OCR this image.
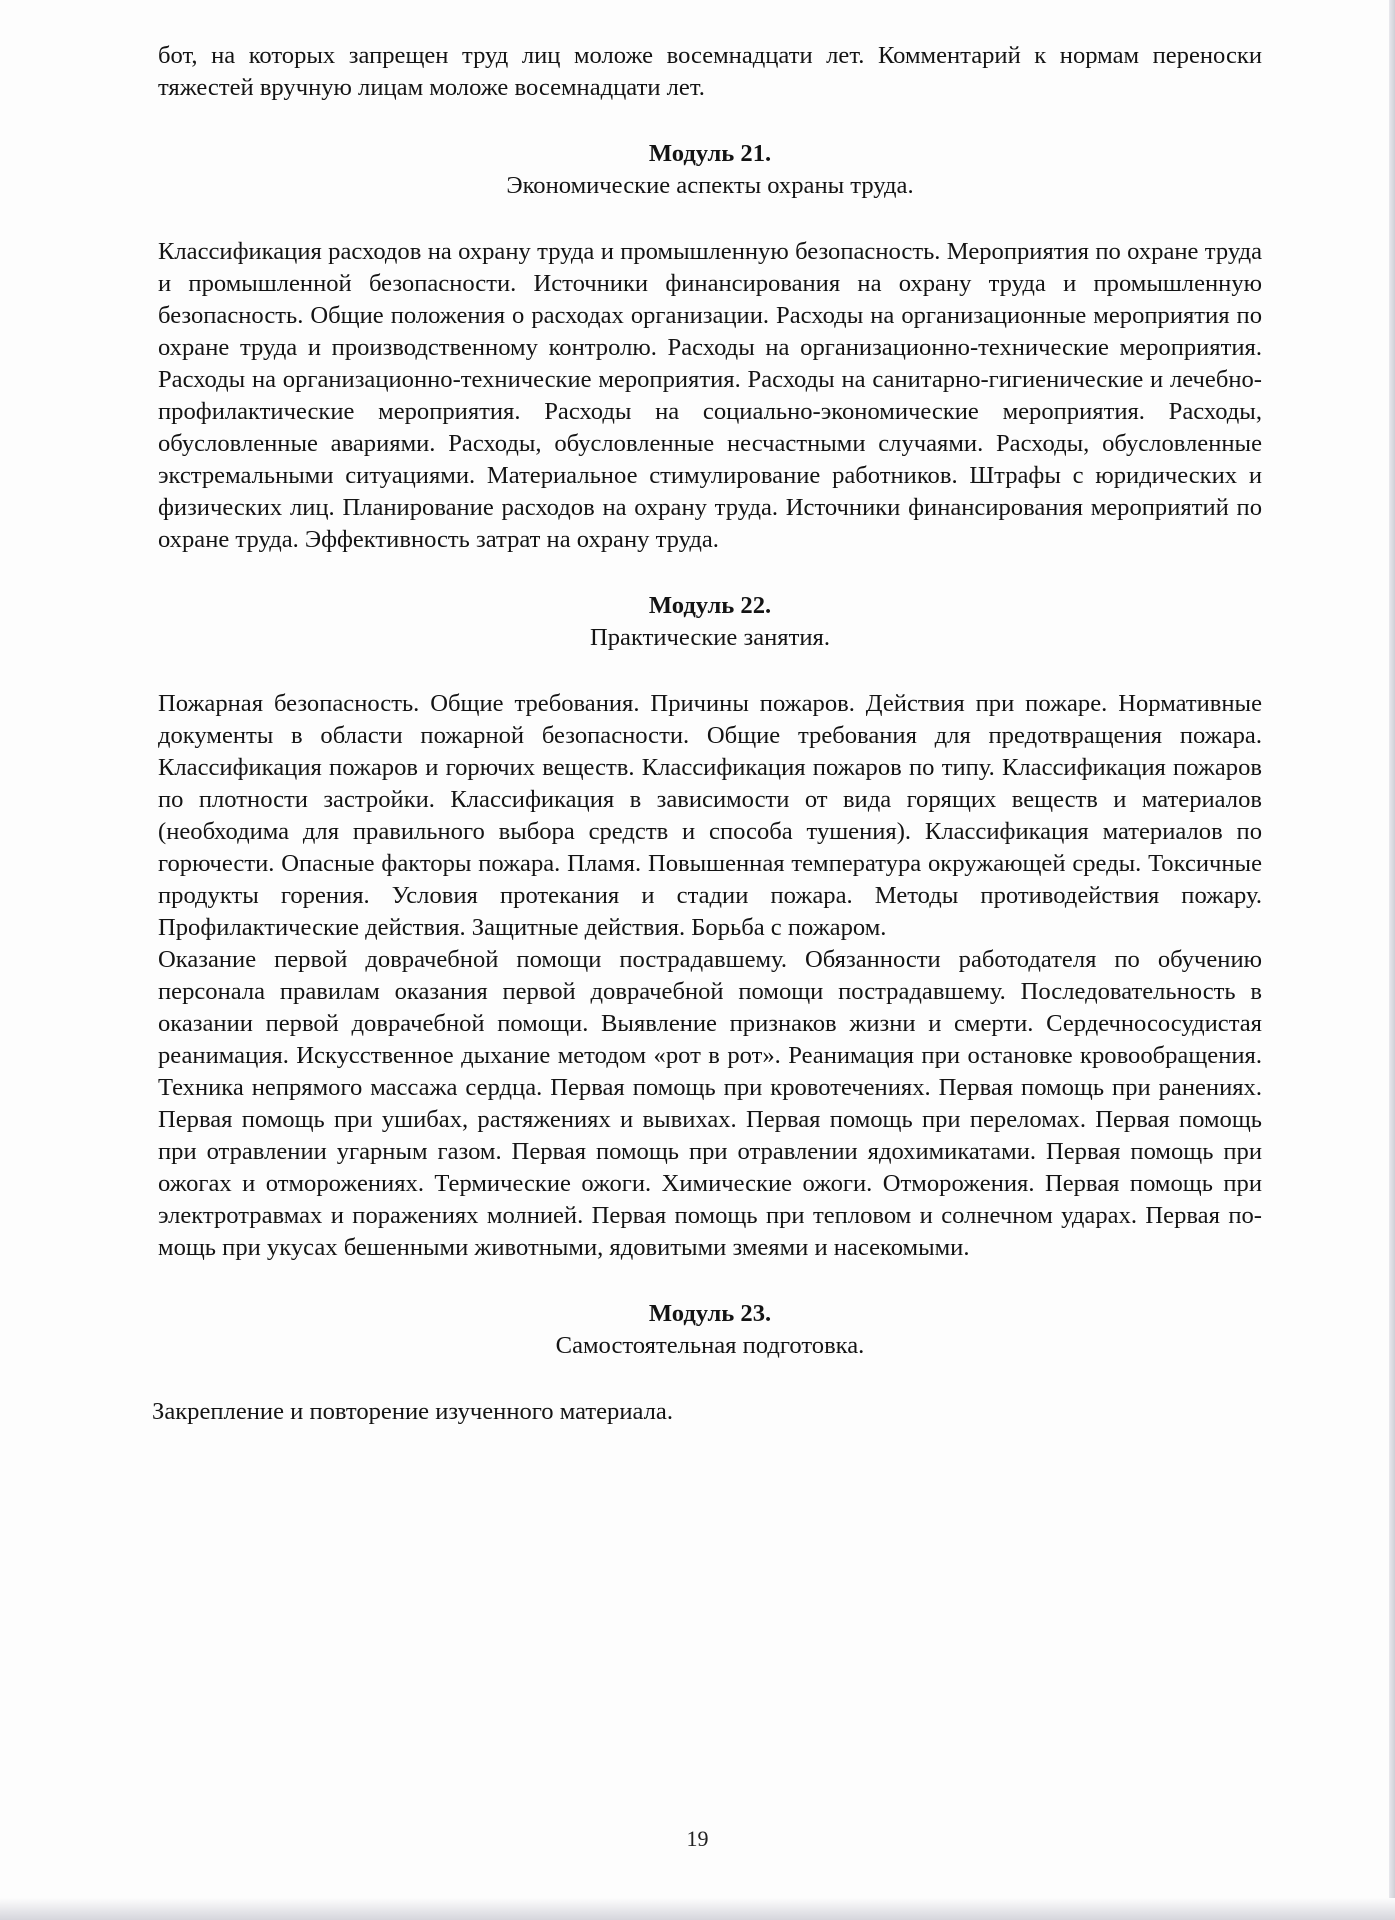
бот, на которых запрещен труд лиц моложе восемнадцати лет. Комментарий к нормам переноски тяжестей вручную лицам моложе восемнадцати лет.

Модуль 21.

Экономические аспекты охраны труда.

Классификация расходов на охрану труда и промышленную безопасность. Мероприятия по охране труда и промышленной безопасности. Источники финансирования на охрану труда и промышленную безопасность. Общие положения о расходах организации. Расходы на организационные мероприятия по охране труда и производственному контролю. Расходы на организационно-технические мероприятия. Расходы на организационно-технические мероприятия. Расходы на санитарно-гигиенические и лечебно-профилактические мероприятия. Расходы на социально-экономические мероприятия. Расходы, обусловленные авариями. Расходы, обусловленные несчастными случаями. Расходы, обусловленные экстремальными ситуациями. Материальное стимулирование работников. Штрафы с юридических и физических лиц. Планирование расходов на охрану труда. Источники финансирования мероприятий по охране труда. Эффективность затрат на охрану труда.

Модуль 22.

Практические занятия.

Пожарная безопасность. Общие требования. Причины пожаров. Действия при пожаре. Нормативные документы в области пожарной безопасности. Общие требования для предотвращения пожара. Классификация пожаров и горючих веществ. Классификация пожаров по типу. Классификация пожаров по плотности застройки. Классификация в зависимости от вида горящих веществ и материалов (необходима для правильного выбора средств и способа тушения). Классификация материалов по горючести. Опасные факторы пожара. Пламя. Повышенная температура окружающей среды. Токсичные продукты горения. Условия протекания и стадии пожара. Методы противодействия пожару. Профилактические действия. Защитные действия. Борьба с пожаром.

Оказание первой доврачебной помощи пострадавшему. Обязанности работодателя по обучению персонала правилам оказания первой доврачебной помощи пострадавшему. Последовательность в оказании первой доврачебной помощи. Выявление признаков жизни и смерти. Сердечнососудистая реанимация. Искусственное дыхание методом «рот в рот». Реанимация при остановке кровообращения. Техника непрямого массажа сердца. Первая помощь при кровотечениях. Первая помощь при ранениях. Первая помощь при ушибах, растяжениях и вывихах. Первая помощь при переломах. Первая помощь при отравлении угарным газом. Первая помощь при отравлении ядохимикатами. Первая помощь при ожогах и отморожениях. Термические ожоги. Химические ожоги. Отморожения. Первая помощь при электротравмах и поражениях молнией. Первая помощь при тепловом и солнечном ударах. Первая помощь при укусах бешенными животными, ядовитыми змеями и насекомыми.

Модуль 23.

Самостоятельная подготовка.

Закрепление и повторение изученного материала.

19
